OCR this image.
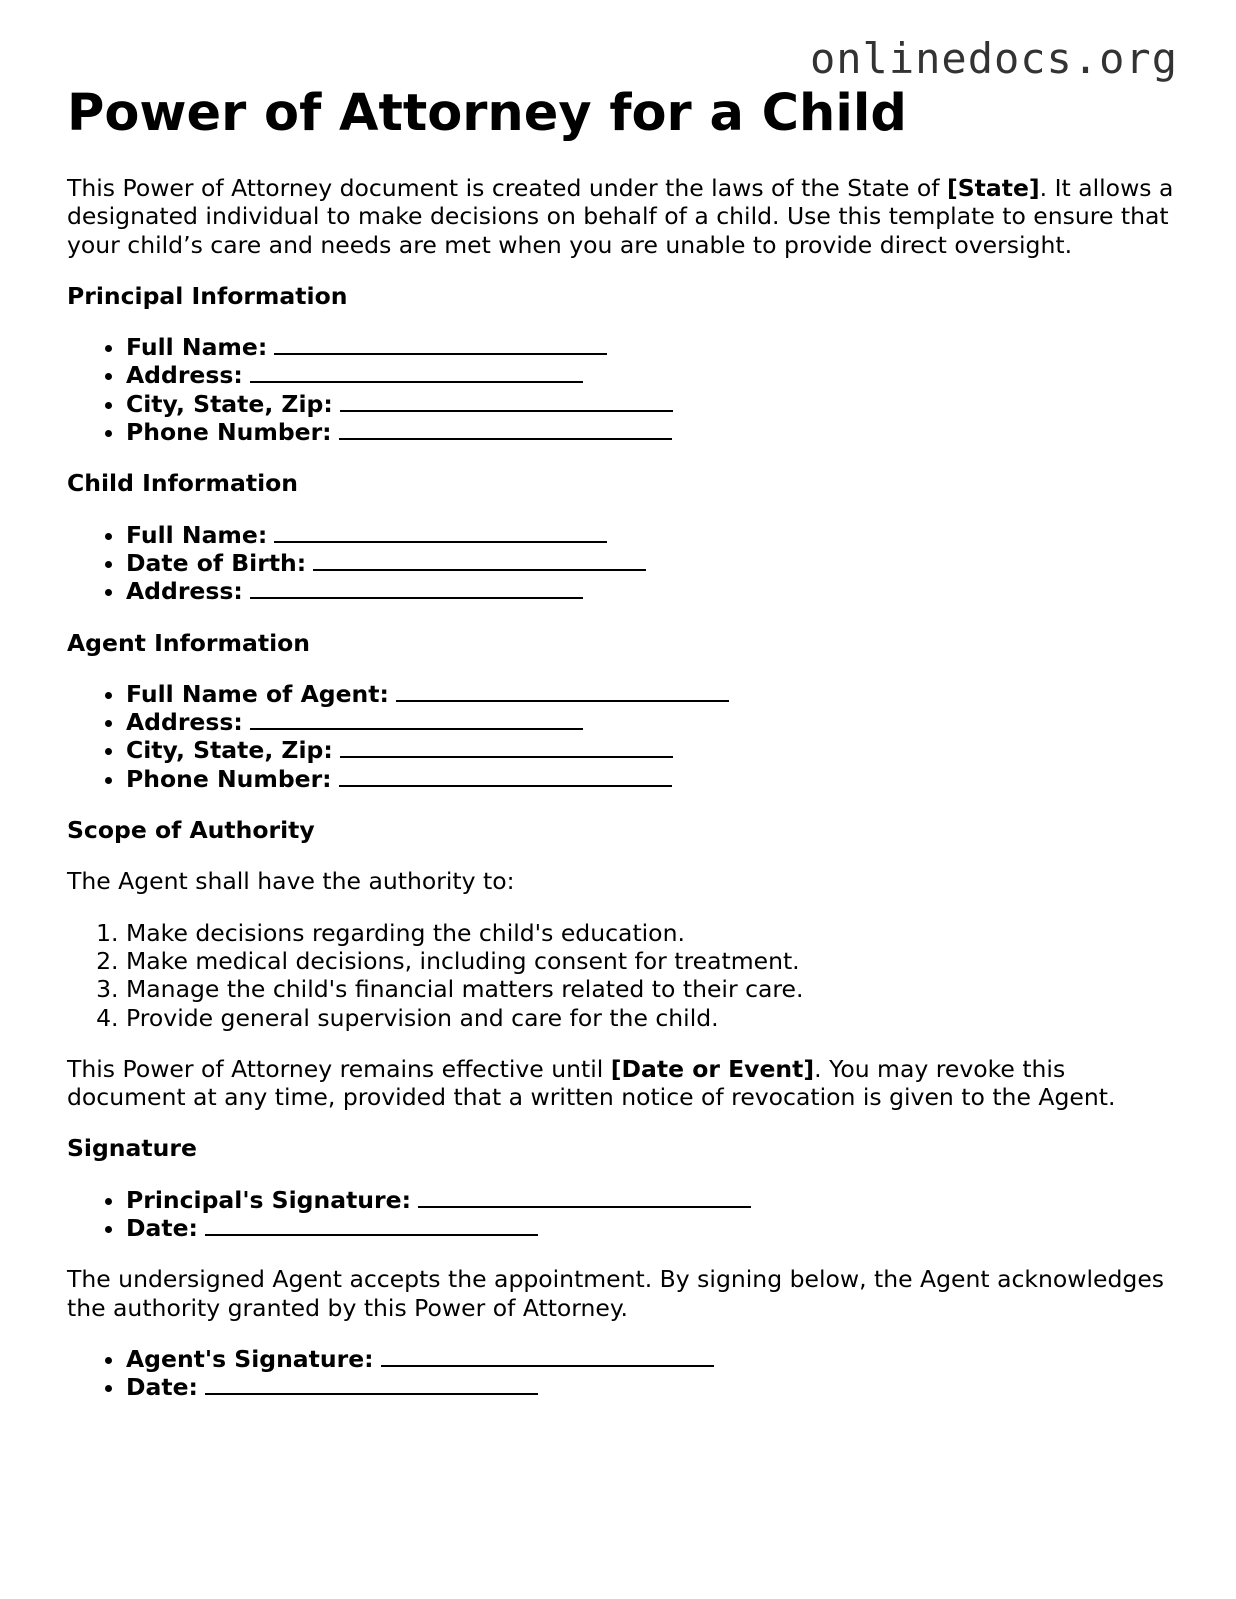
onlinedocs.org
Power of Attorney for a Child

This Power of Attorney document is created under the laws of the State of [State]. It allows a designated individual to make decisions on behalf of a child. Use this template to ensure that your child’s care and needs are met when you are unable to provide direct oversight.

Principal Information
• Full Name:
• Address:
• City, State, Zip:
• Phone Number:
Child Information
• Full Name:
• Date of Birth:
• Address:
Agent Information
• Full Name of Agent:
• Address:
• City, State, Zip:
• Phone Number:
Scope of Authority

The Agent shall have the authority to:

1. Make decisions regarding the child's education.
2. Make medical decisions, including consent for treatment.
3. Manage the child's financial matters related to their care.
4. Provide general supervision and care for the child.

This Power of Attorney remains effective until [Date or Event]. You may revoke this document at any time, provided that a written notice of revocation is given to the Agent.

Signature
• Principal's Signature:
• Date:

The undersigned Agent accepts the appointment. By signing below, the Agent acknowledges the authority granted by this Power of Attorney.

• Agent's Signature:
• Date:
